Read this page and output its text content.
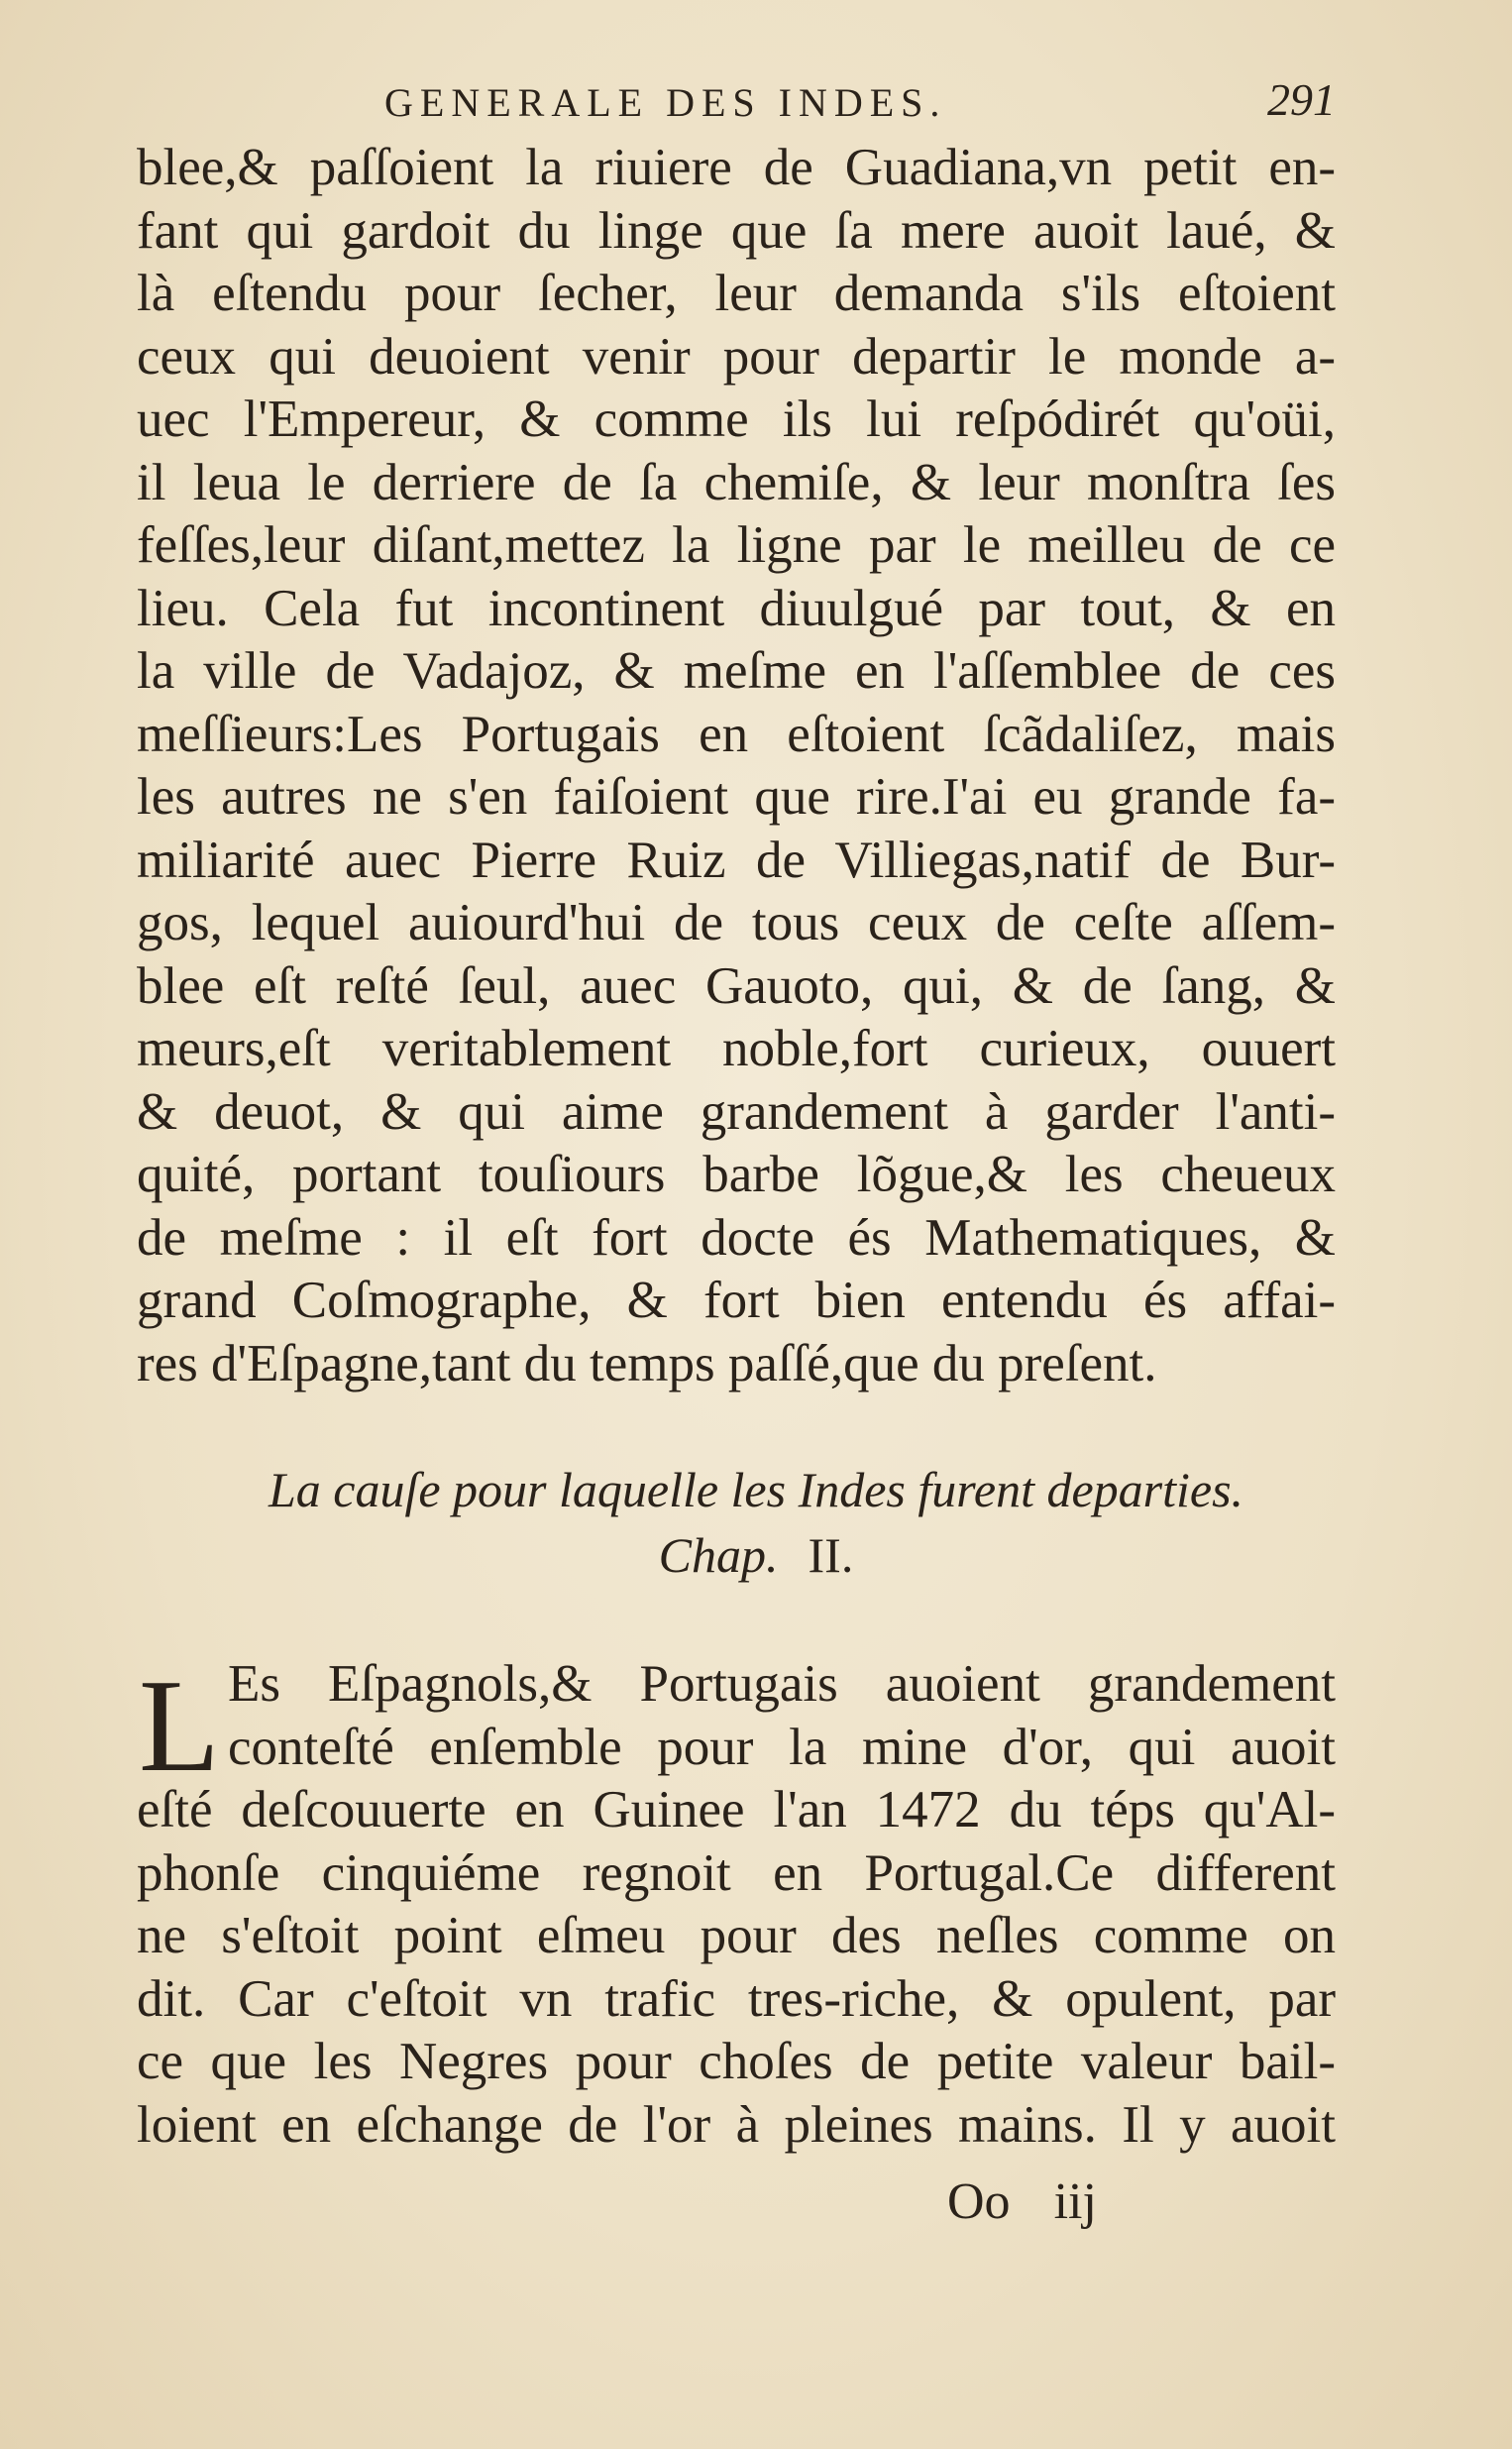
GENERALE DES INDES.	291
blee,& paſſoient la riuiere de Guadiana,vn petit en-
fant qui gardoit du linge que ſa mere auoit laué, &
là eſtendu pour ſecher, leur demanda s'ils eſtoient
ceux qui deuoient venir pour departir le monde a-
uec l'Empereur, & comme ils lui reſpódirét qu'oüi,
il leua le derriere de ſa chemiſe, & leur monſtra ſes
feſſes,leur diſant,mettez la ligne par le meilleu de ce
lieu. Cela fut incontinent diuulgué par tout, & en
la ville de Vadajoz, & meſme en l'aſſemblee de ces
meſſieurs:Les Portugais en eſtoient ſcãdaliſez, mais
les autres ne s'en faiſoient que rire.I'ai eu grande fa-
miliarité auec Pierre Ruiz de Villiegas,natif de Bur-
gos, lequel auiourd'hui de tous ceux de ceſte aſſem-
blee eſt reſté ſeul, auec Gauoto, qui, & de ſang, &
meurs,eſt veritablement noble,fort curieux, ouuert
& deuot, & qui aime grandement à garder l'anti-
quité, portant touſiours barbe lõgue,& les cheueux
de meſme : il eſt fort docte és Mathematiques, &
grand Coſmographe, & fort bien entendu és affai-
res d'Eſpagne,tant du temps paſſé,que du preſent.
La cauſe pour laquelle les Indes furent departies.
Chap. II.
L Es Eſpagnols,& Portugais auoient grandement
conteſté enſemble pour la mine d'or, qui auoit
eſté deſcouuerte en Guinee l'an 1472 du téps qu'Al-
phonſe cinquiéme regnoit en Portugal.Ce different
ne s'eſtoit point eſmeu pour des neſles comme on
dit. Car c'eſtoit vn trafic tres-riche, & opulent, par
ce que les Negres pour choſes de petite valeur bail-
loient en eſchange de l'or à pleines mains. Il y auoit
Oo iij
